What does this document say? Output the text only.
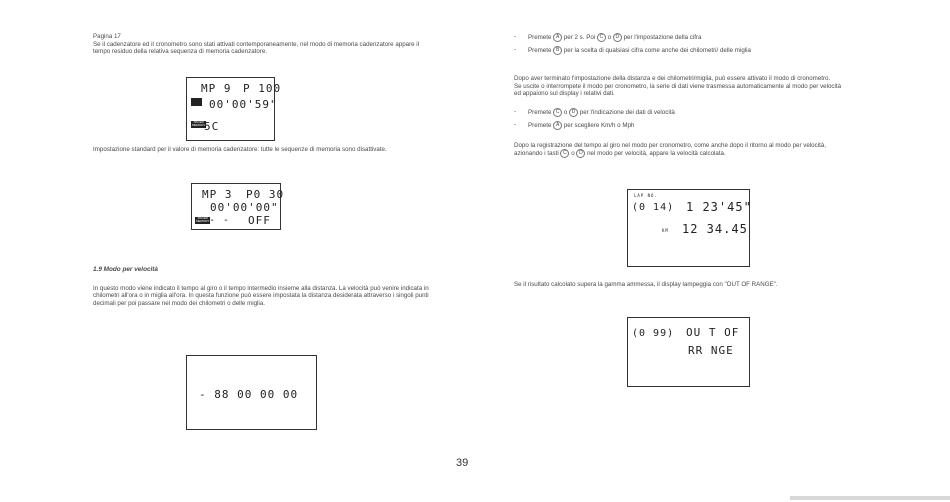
Pagina 17

Se il cadenzatore ed il cronometro sono stati attivati contemporaneamente, nel modo di memoria cadenzatore appare il tempo residuo della relativa sequenza di memoria cadenzatore.

MP 9 P 100
00'00'59"
PACER
MEMORY
5C

Impostazione standard per il valore di memoria cadenzatore: tutte le sequenze di memoria sono disattivate.

MP 3 P0 30
00'00'00"
PACER
MEMORY - - OFF

1.9 Modo per velocità

In questo modo viene indicato il tempo al giro o il tempo intermedio insieme alla distanza. La velocità può venire indicata in chilometri all'ora o in miglia all'ora. In questa funzione può essere impostata la distanza desiderata attraverso i singoli punti decimali per poi passare nel modo dei chilometri o delle miglia.

- 88 00 00 00

- Premete A per 2 s. Poi C o D per l'impostazione della cifra

- Premete B per la scelta di qualsiasi cifra come anche dei chilometri/ delle miglia

Dopo aver terminato l'impostazione della distanza e dei chilometri/miglia, può essere attivato il modo di cronometro.

Se uscite o interrompete il modo per cronometro, la serie di dati viene trasmessa automaticamente al modo per velocità ed appaiono sul display i relativi dati.

- Premete C o D per l'indicazione dei dati di velocità

- Premete A per scegliere Km/h o Mph

Dopo la registrazione del tempo al giro nel modo per cronometro, come anche dopo il ritorno al modo per velocità, azionando i tasti C o D nel modo per velocità, appare la velocità calcolata.

LAP NO.
(0 14) 1 23'45"
KM 12 34.45

Se il risultato calcolato supera la gamma ammessa, il display lampeggia con "OUT OF RANGE".

(0 99) OU T OF
RR NGE
39
